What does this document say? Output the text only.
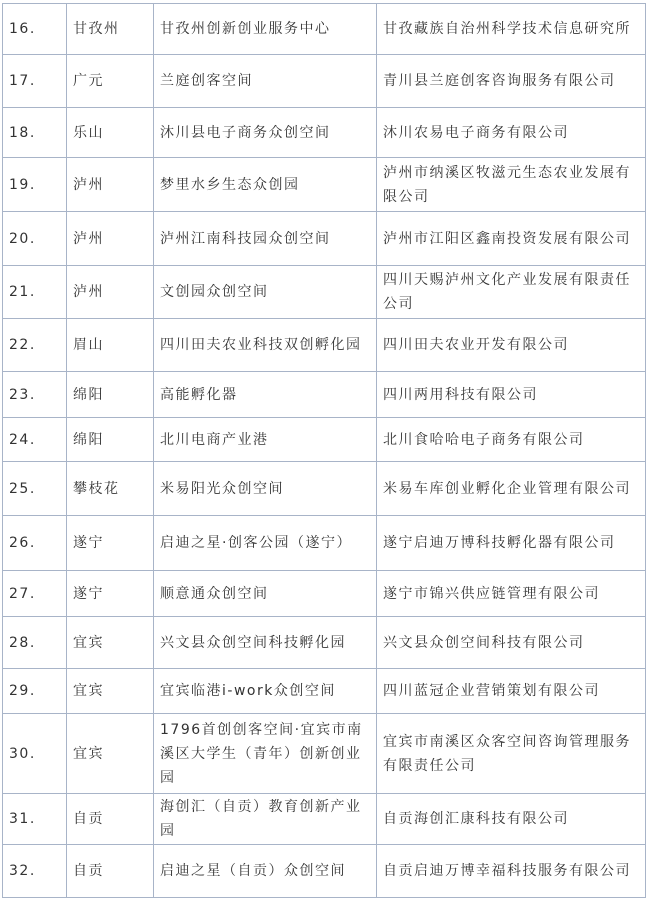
16.	甘孜州	甘孜州创新创业服务中心	甘孜藏族自治州科学技术信息研究所
17.	广元	兰庭创客空间	青川县兰庭创客咨询服务有限公司
18.	乐山	沐川县电子商务众创空间	沐川农易电子商务有限公司
19.	泸州	梦里水乡生态众创园	泸州市纳溪区牧滋元生态农业发展有限公司
20.	泸州	泸州江南科技园众创空间	泸州市江阳区鑫南投资发展有限公司
21.	泸州	文创园众创空间	四川天赐泸州文化产业发展有限责任公司
22.	眉山	四川田夫农业科技双创孵化园	四川田夫农业开发有限公司
23.	绵阳	高能孵化器	四川两用科技有限公司
24.	绵阳	北川电商产业港	北川食哈哈电子商务有限公司
25.	攀枝花	米易阳光众创空间	米易车库创业孵化企业管理有限公司
26.	遂宁	启迪之星·创客公园（遂宁）	遂宁启迪万博科技孵化器有限公司
27.	遂宁	顺意通众创空间	遂宁市锦兴供应链管理有限公司
28.	宜宾	兴文县众创空间科技孵化园	兴文县众创空间科技有限公司
29.	宜宾	宜宾临港i-work众创空间	四川蓝冠企业营销策划有限公司
30.	宜宾	1796首创创客空间·宜宾市南溪区大学生（青年）创新创业园	宜宾市南溪区众客空间咨询管理服务有限责任公司
31.	自贡	海创汇（自贡）教育创新产业园	自贡海创汇康科技有限公司
32.	自贡	启迪之星（自贡）众创空间	自贡启迪万博幸福科技服务有限公司
